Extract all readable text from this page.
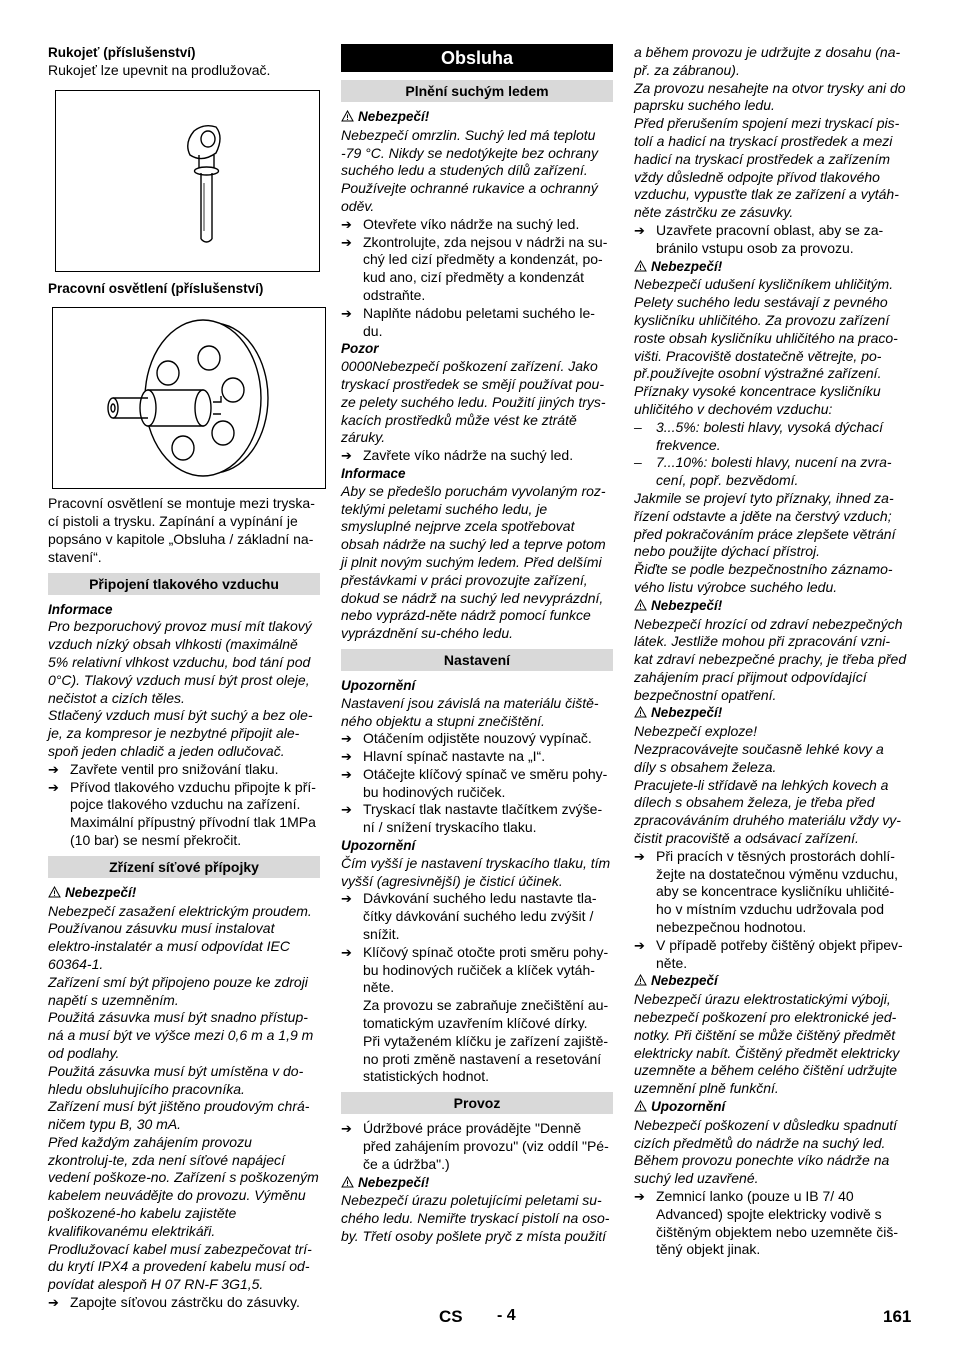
Rukojeť (příslušenství)

Rukojeť lze upevnit na prodlužovač.

Pracovní osvětlení (příslušenství)

Pracovní osvětlení se montuje mezi tryska-cí pistoli a trysku. Zapínání a vypínání je popsáno v kapitole „Obsluha / základní na-stavení“.

Připojení tlakového vzduchu

Informace

Pro bezporuchový provoz musí mít tlakový vzduch nízký obsah vlhkosti (maximálně 5% relativní vlhkost vzduchu, bod tání pod 0°C). Tlakový vzduch musí být prost oleje, nečistot a cizích těles.

Stlačený vzduch musí být suchý a bez ole-je, za kompresor je nezbytné připojit ale-spoň jeden chladič a jeden odlučovač.

➔ Zavřete ventil pro snižování tlaku.
➔ Přívod tlakového vzduchu připojte k pří-pojce tlakového vzduchu na zařízení.

Maximální přípustný přívodní tlak 1MPa (10 bar) se nesmí překročit.

Zřízení síťové přípojky

Nebezpečí!

Nebezpečí zasažení elektrickým proudem.

Používanou zásuvku musí instalovat elektro-instalatér a musí odpovídat IEC 60364-1.

Zařízení smí být připojeno pouze ke zdroji napětí s uzemněním.

Použitá zásuvka musí být snadno přístup-ná a musí být ve výšce mezi 0,6 m a 1,9 m od podlahy.

Použitá zásuvka musí být umístěna v do-hledu obsluhujícího pracovníka.

Zařízení musí být jištěno proudovým chrá-ničem typu B, 30 mA.

Před každým zahájením provozu zkontroluj-te, zda není síťové napájecí vedení poškoze-no. Zařízení s poškozeným kabelem neuvádějte do provozu. Výměnu poškozené-ho kabelu zajistěte kvalifikovanému elektrikáři.

Prodlužovací kabel musí zabezpečovat trí-du krytí IPX4 a provedení kabelu musí od-povídat alespoň H 07 RN-F 3G1,5.

➔ Zapojte síťovou zástrčku do zásuvky.
Obsluha
Plnění suchým ledem

Nebezpečí!

Nebezpečí omrzlin. Suchý led má teplotu -79 °C. Nikdy se nedotýkejte bez ochrany suchého ledu a studených dílů zařízení. Používejte ochranné rukavice a ochranný oděv.

➔ Otevřete víko nádrže na suchý led.
➔ Zkontrolujte, zda nejsou v nádrži na su-chý led cizí předměty a kondenzát, po-kud ano, cizí předměty a kondenzát odstraňte.
➔ Naplňte nádobu peletami suchého le-du.

Pozor

0000Nebezpečí poškození zařízení. Jako tryskací prostředek se smějí používat pou-ze pelety suchého ledu. Použití jiných trys-kacích prostředků může vést ke ztrátě záruky.

➔ Zavřete víko nádrže na suchý led.

Informace

Aby se předešlo poruchám vyvolaným roz-teklými peletami suchého ledu, je smysluplné nejprve zcela spotřebovat obsah nádrže na suchý led a teprve potom ji plnit novým suchým ledem. Před delšími přestávkami v práci provozujte zařízení, dokud se nádrž na suchý led nevyprázdní, nebo vyprázd-něte nádrž pomocí funkce vyprázdnění su-chého ledu.

Nastavení

Upozornění

Nastavení jsou závislá na materiálu čiště-ného objektu a stupni znečištění.

➔ Otáčením odjistěte nouzový vypínač.
➔ Hlavní spínač nastavte na „I“.
➔ Otáčejte klíčový spínač ve směru pohy-bu hodinových ručiček.
➔ Tryskací tlak nastavte tlačítkem zvýše-ní / snížení tryskacího tlaku.

Upozornění

Čím vyšší je nastavení tryskacího tlaku, tím vyšší (agresivnější) je čisticí účinek.

➔ Dávkování suchého ledu nastavte tla-čítky dávkování suchého ledu zvýšit / snížit.
➔ Klíčový spínač otočte proti směru pohy-bu hodinových ručiček a klíček vytáh-něte.

Za provozu se zabraňuje znečištění au-tomatickým uzavřením klíčové dírky.

Při vytaženém klíčku je zařízení zajiště-no proti změně nastavení a resetování statistických hodnot.

Provoz
➔ Údržbové práce provádějte "Denně před zahájením provozu" (viz oddíl "Pé-če a údržba".)

Nebezpečí!

Nebezpečí úrazu poletujícími peletami su-chého ledu. Nemiřte tryskací pistolí na oso-by. Třetí osoby pošlete pryč z místa použití

a během provozu je udržujte z dosahu (na-př. za zábranou).

Za provozu nesahejte na otvor trysky ani do paprsku suchého ledu.

Před přerušením spojení mezi tryskací pis-tolí a hadicí na tryskací prostředek a mezi hadicí na tryskací prostředek a zařízením vždy důsledně odpojte přívod tlakového vzduchu, vypusťte tlak ze zařízení a vytáh-něte zástrčku ze zásuvky.

➔ Uzavřete pracovní oblast, aby se za-bránilo vstupu osob za provozu.

Nebezpečí!

Nebezpečí udušení kysličníkem uhličitým. Pelety suchého ledu sestávají z pevného kysličníku uhličitého. Za provozu zařízení roste obsah kysličníku uhličitého na praco-višti. Pracoviště dostatečně větrejte, po-př.používejte osobní výstražné zařízení.

Příznaky vysoké koncentrace kysličníku uhličitého v dechovém vzduchu:

–	3...5%: bolesti hlavy, vysoká dýchací frekvence.
–	7...10%: bolesti hlavy, nucení na zvra-cení, popř. bezvědomí.

Jakmile se projeví tyto příznaky, ihned za-řízení odstavte a jděte na čerstvý vzduch; před pokračováním práce zlepšete větrání nebo použijte dýchací přístroj.

Řiďte se podle bezpečnostního záznamo-vého listu výrobce suchého ledu.

Nebezpečí!

Nebezpečí hrozící od zdraví nebezpečných látek. Jestliže mohou při zpracování vzni-kat zdraví nebezpečné prachy, je třeba před zahájením prací přijmout odpovídající bezpečnostní opatření.

Nebezpečí!

Nebezpečí exploze!

Nezpracovávejte současně lehké kovy a díly s obsahem železa.

Pracujete-li střídavě na lehkých kovech a dílech s obsahem železa, je třeba před zpracováváním druhého materiálu vždy vy-čistit pracoviště a odsávací zařízení.

➔ Při pracích v těsných prostorách dohlí-žejte na dostatečnou výměnu vzduchu, aby se koncentrace kysličníku uhličité-ho v místním vzduchu udržovala pod nebezpečnou hodnotou.
➔ V případě potřeby čištěný objekt připev-něte.

Nebezpečí

Nebezpečí úrazu elektrostatickými výboji, nebezpečí poškození pro elektronické jed-notky. Při čištění se může čištěný předmět elektricky nabít. Čištěný předmět elektricky uzemněte a během celého čištění udržujte uzemnění plně funkční.

Upozornění

Nebezpečí poškození v důsledku spadnutí cizích předmětů do nádrže na suchý led. Během provozu ponechte víko nádrže na suchý led uzavřené.

➔ Zemnicí lanko (pouze u IB 7/ 40 Advanced) spojte elektricky vodivě s čištěným objektem nebo uzemněte čiš-těný objekt jinak.
CS - 4	161
